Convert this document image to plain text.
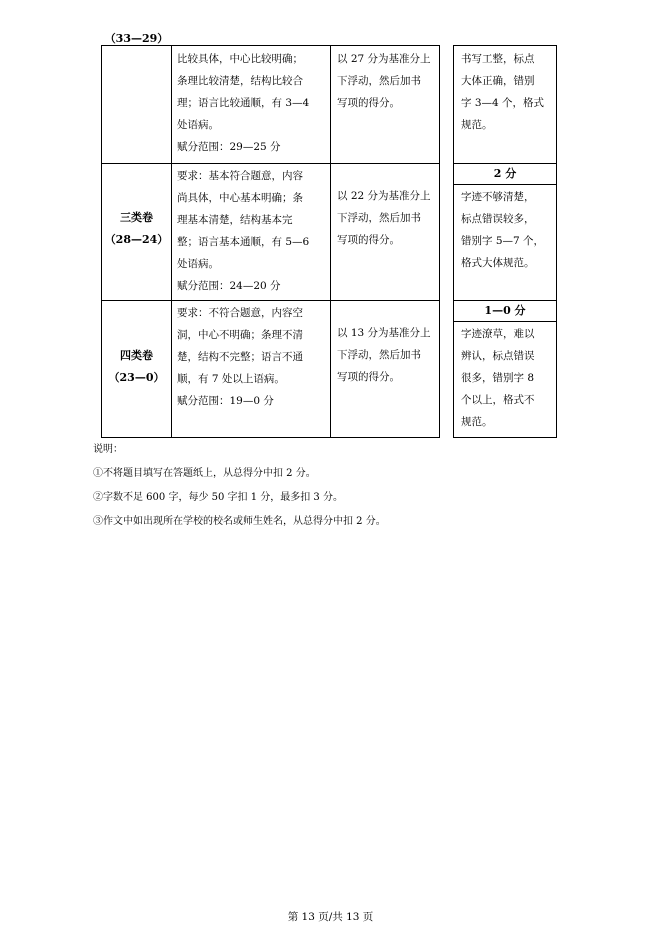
（33—29）
比较具体，中心比较明确；
条理比较清楚，结构比较合
理；语言比较通顺，有 3—4
处语病。
赋分范围：29—25 分
以 27 分为基准分上
下浮动，然后加书
写项的得分。
书写工整，标点
大体正确，错别
字 3—4 个，格式
规范。
三类卷
（28—24）
要求：基本符合题意，内容
尚具体，中心基本明确；条
理基本清楚，结构基本完
整；语言基本通顺，有 5—6
处语病。
赋分范围：24—20 分
以 22 分为基准分上
下浮动，然后加书
写项的得分。
2 分
字迹不够清楚，
标点错误较多，
错别字 5—7 个，
格式大体规范。
四类卷
（23—0）
要求：不符合题意，内容空
洞，中心不明确；条理不清
楚，结构不完整；语言不通
顺，有 7 处以上语病。
赋分范围：19—0 分
以 13 分为基准分上
下浮动，然后加书
写项的得分。
1—0 分
字迹潦草，难以
辨认，标点错误
很多，错别字 8
个以上，格式不
规范。
说明：
①不将题目填写在答题纸上，从总得分中扣 2 分。
②字数不足 600 字，每少 50 字扣 1 分，最多扣 3 分。
③作文中如出现所在学校的校名或师生姓名，从总得分中扣 2 分。
第 13 页/共 13 页
